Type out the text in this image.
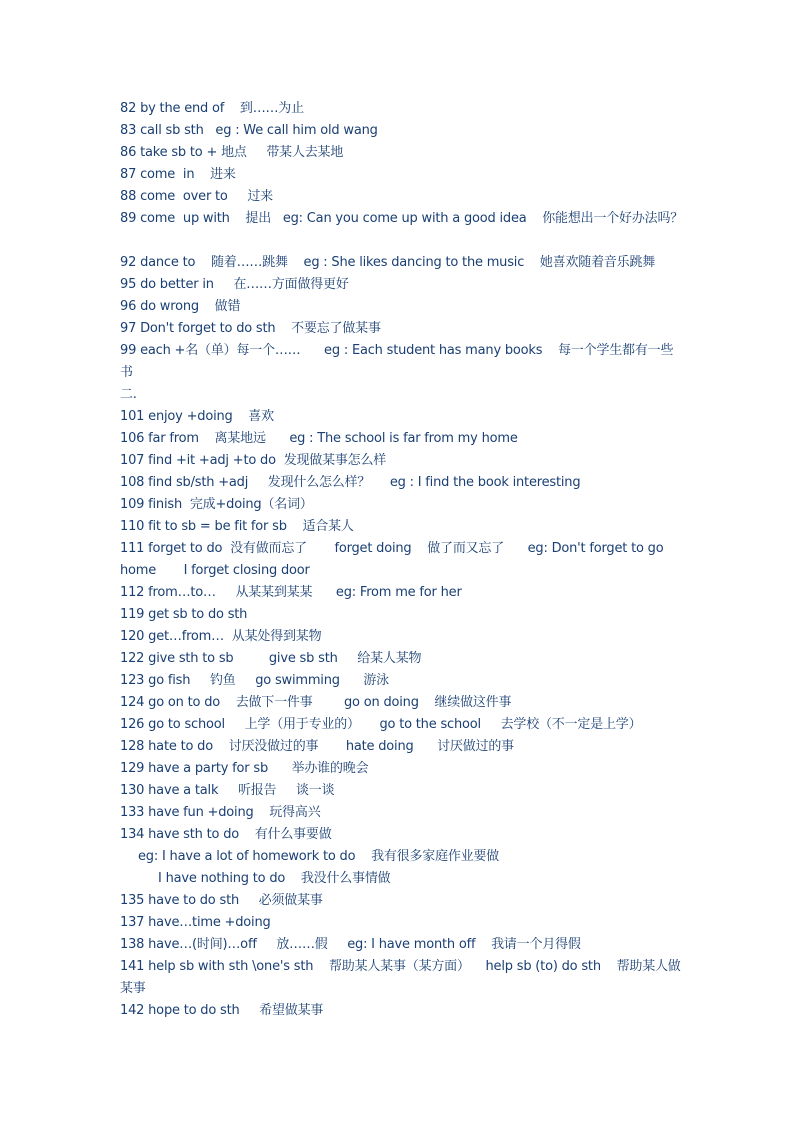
82 by the end of    到……为止
83 call sb sth   eg : We call him old wang
86 take sb to + 地点     带某人去某地
87 come  in    进来
88 come  over to     过来
89 come  up with    提出   eg: Can you come up with a good idea    你能想出一个好办法吗？
92 dance to    随着……跳舞    eg : She likes dancing to the music    她喜欢随着音乐跳舞
95 do better in     在……方面做得更好
96 do wrong    做错
97 Don't forget to do sth    不要忘了做某事
99 each +名（单）每一个……      eg : Each student has many books    每一个学生都有一些
书
二.
101 enjoy +doing    喜欢
106 far from    离某地远      eg : The school is far from my home
107 find +it +adj +to do  发现做某事怎么样
108 find sb/sth +adj     发现什么怎么样？     eg : I find the book interesting
109 finish  完成+doing（名词）
110 fit to sb = be fit for sb    适合某人
111 forget to do  没有做而忘了       forget doing    做了而又忘了      eg: Don't forget to go
home       I forget closing door
112 from…to…     从某某到某某      eg: From me for her
119 get sb to do sth
120 get…from…  从某处得到某物
122 give sth to sb         give sb sth     给某人某物
123 go fish     钓鱼     go swimming      游泳
124 go on to do    去做下一件事        go on doing    继续做这件事
126 go to school     上学（用于专业的）     go to the school     去学校（不一定是上学）
128 hate to do    讨厌没做过的事       hate doing      讨厌做过的事
129 have a party for sb      举办谁的晚会
130 have a talk     听报告     谈一谈
133 have fun +doing    玩得高兴
134 have sth to do    有什么事要做
eg: I have a lot of homework to do    我有很多家庭作业要做
I have nothing to do    我没什么事情做
135 have to do sth     必须做某事
137 have…time +doing
138 have…(时间)…off     放……假     eg: I have month off    我请一个月得假
141 help sb with sth \one's sth    帮助某人某事（某方面）    help sb (to) do sth    帮助某人做
某事
142 hope to do sth     希望做某事
